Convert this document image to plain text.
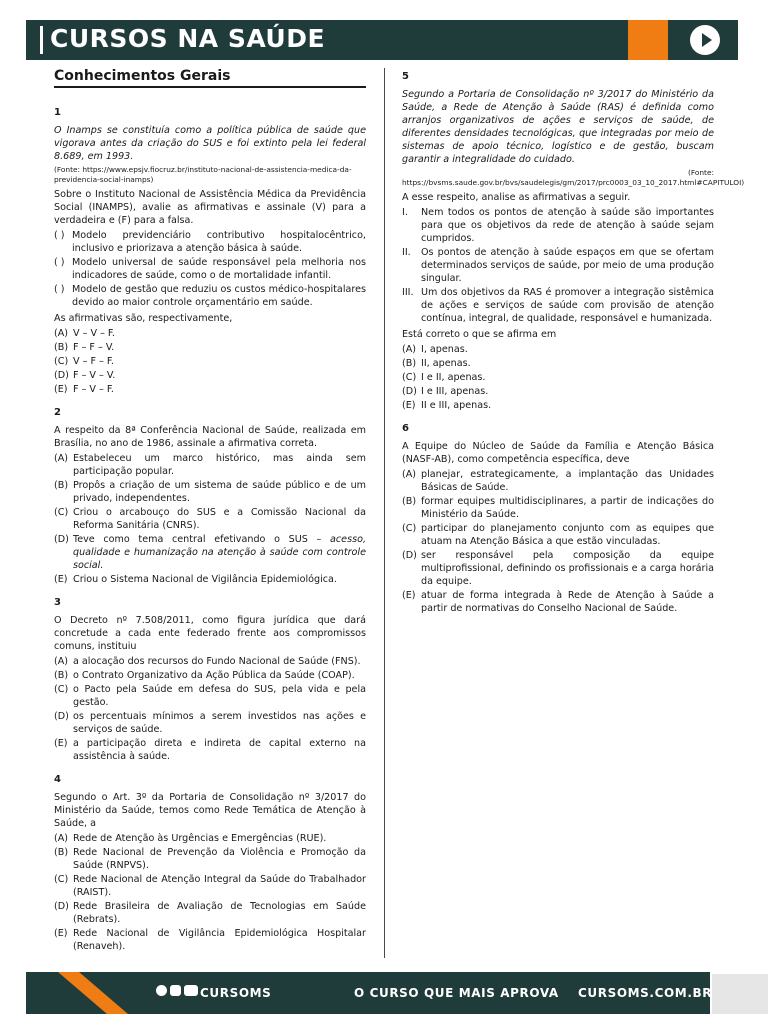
CURSOS NA SAÚDE
Conhecimentos Gerais
1

O Inamps se constituía como a política pública de saúde que vigorava antes da criação do SUS e foi extinto pela lei federal 8.689, em 1993.

(Fonte: https://www.epsjv.fiocruz.br/instituto-nacional-de-assistencia-medica-da-previdencia-social-inamps)

Sobre o Instituto Nacional de Assistência Médica da Previdência Social (INAMPS), avalie as afirmativas e assinale (V) para a verdadeira e (F) para a falsa.

( ) Modelo previdenciário contributivo hospitalocêntrico, inclusivo e priorizava a atenção básica à saúde.
( ) Modelo universal de saúde responsável pela melhoria nos indicadores de saúde, como o de mortalidade infantil.
( ) Modelo de gestão que reduziu os custos médico-hospitalares devido ao maior controle orçamentário em saúde.

As afirmativas são, respectivamente,

(A) V – V – F.
(B) F – F – V.
(C) V – F – F.
(D) F – V – V.
(E) F – V – F.
2

A respeito da 8ª Conferência Nacional de Saúde, realizada em Brasília, no ano de 1986, assinale a afirmativa correta.

(A) Estabeleceu um marco histórico, mas ainda sem participação popular.
(B) Propôs a criação de um sistema de saúde público e de um privado, independentes.
(C) Criou o arcabouço do SUS e a Comissão Nacional da Reforma Sanitária (CNRS).
(D) Teve como tema central efetivando o SUS – acesso, qualidade e humanização na atenção à saúde com controle social.
(E) Criou o Sistema Nacional de Vigilância Epidemiológica.
3

O Decreto nº 7.508/2011, como figura jurídica que dará concretude a cada ente federado frente aos compromissos comuns, instituiu

(A) a alocação dos recursos do Fundo Nacional de Saúde (FNS).
(B) o Contrato Organizativo da Ação Pública da Saúde (COAP).
(C) o Pacto pela Saúde em defesa do SUS, pela vida e pela gestão.
(D) os percentuais mínimos a serem investidos nas ações e serviços de saúde.
(E) a participação direta e indireta de capital externo na assistência à saúde.
4

Segundo o Art. 3º da Portaria de Consolidação nº 3/2017 do Ministério da Saúde, temos como Rede Temática de Atenção à Saúde, a

(A) Rede de Atenção às Urgências e Emergências (RUE).
(B) Rede Nacional de Prevenção da Violência e Promoção da Saúde (RNPVS).
(C) Rede Nacional de Atenção Integral da Saúde do Trabalhador (RAIST).
(D) Rede Brasileira de Avaliação de Tecnologias em Saúde (Rebrats).
(E) Rede Nacional de Vigilância Epidemiológica Hospitalar (Renaveh).
5

Segundo a Portaria de Consolidação nº 3/2017 do Ministério da Saúde, a Rede de Atenção à Saúde (RAS) é definida como arranjos organizativos de ações e serviços de saúde, de diferentes densidades tecnológicas, que integradas por meio de sistemas de apoio técnico, logístico e de gestão, buscam garantir a integralidade do cuidado.

(Fonte: https://bvsms.saude.gov.br/bvs/saudelegis/gm/2017/prc0003_03_10_2017.html#CAPITULOI)

A esse respeito, analise as afirmativas a seguir.

I.	Nem todos os pontos de atenção à saúde são importantes para que os objetivos da rede de atenção à saúde sejam cumpridos.
II.	Os pontos de atenção à saúde espaços em que se ofertam determinados serviços de saúde, por meio de uma produção singular.
III. Um dos objetivos da RAS é promover a integração sistêmica de ações e serviços de saúde com provisão de atenção contínua, integral, de qualidade, responsável e humanizada.

Está correto o que se afirma em

(A) I, apenas.
(B) II, apenas.
(C) I e II, apenas.
(D) I e III, apenas.
(E) II e III, apenas.
6

A Equipe do Núcleo de Saúde da Família e Atenção Básica (NASF-AB), como competência específica, deve

(A) planejar, estrategicamente, a implantação das Unidades Básicas de Saúde.
(B) formar equipes multidisciplinares, a partir de indicações do Ministério da Saúde.
(C) participar do planejamento conjunto com as equipes que atuam na Atenção Básica a que estão vinculadas.
(D) ser responsável pela composição da equipe multiprofissional, definindo os profissionais e a carga horária da equipe.
(E) atuar de forma integrada à Rede de Atenção à Saúde a partir de normativas do Conselho Nacional de Saúde.
CURSOMS	O CURSO QUE MAIS APROVA CURSOMS.COM.BR
